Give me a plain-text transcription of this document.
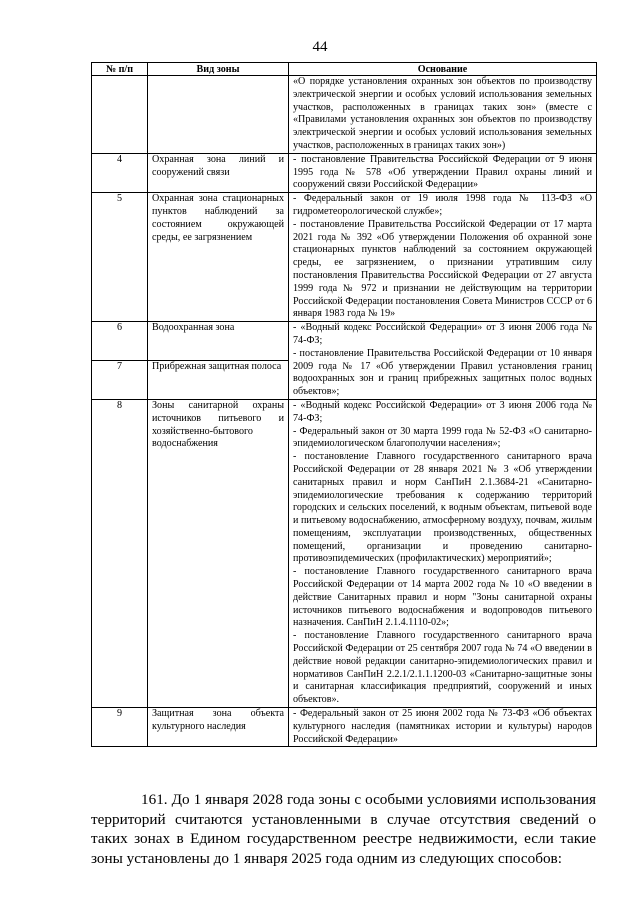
44
№ п/п	Вид зоны	Основание

		«О порядке установления охранных зон объектов по производству электрической энергии и особых условий использования земельных участков, расположенных в границах таких зон» (вместе с «Правилами установления охранных зон объектов по производству электрической энергии и особых условий использования земельных участков, расположенных в границах таких зон»)

4	Охранная зона линий и сооружений связи	- постановление Правительства Российской Федерации от 9 июня 1995 года № 578 «Об утверждении Правил охраны линий и сооружений связи Российской Федерации»

5	Охранная зона стационарных пунктов наблюдений за состоянием окружающей среды, ее загрязнением	- Федеральный закон от 19 июля 1998 года № 113-ФЗ «О гидрометеорологической службе»;
- постановление Правительства Российской Федерации от 17 марта 2021 года № 392 «Об утверждении Положения об охранной зоне стационарных пунктов наблюдений за состоянием окружающей среды, ее загрязнением, о признании утратившим силу постановления Правительства Российской Федерации от 27 августа 1999 года № 972 и признании не действующим на территории Российской Федерации постановления Совета Министров СССР от 6 января 1983 года № 19»

6	Водоохранная зона	- «Водный кодекс Российской Федерации» от 3 июня 2006 года № 74-ФЗ;
- постановление Правительства Российской Федерации от 10 января 2009 года № 17 «Об утверждении Правил установления границ водоохранных зон и границ прибрежных защитных полос водных объектов»;

7	Прибрежная защитная полоса	
8	Зоны санитарной охраны источников питьевого и хозяйственно-бытового водоснабжения	- «Водный кодекс Российской Федерации» от 3 июня 2006 года № 74-ФЗ;
- Федеральный закон от 30 марта 1999 года № 52-ФЗ «О санитарно-эпидемиологическом благополучии населения»;
- постановление Главного государственного санитарного врача Российской Федерации от 28 января 2021 № 3 «Об утверждении санитарных правил и норм СанПиН 2.1.3684-21 «Санитарно-эпидемиологические требования к содержанию территорий городских и сельских поселений, к водным объектам, питьевой воде и питьевому водоснабжению, атмосферному воздуху, почвам, жилым помещениям, эксплуатации производственных, общественных помещений, организации и проведению санитарно-противоэпидемических (профилактических) мероприятий»;
- постановление Главного государственного санитарного врача Российской Федерации от 14 марта 2002 года № 10 «О введении в действие Санитарных правил и норм "Зоны санитарной охраны источников питьевого водоснабжения и водопроводов питьевого назначения. СанПиН 2.1.4.1110-02»;
- постановление Главного государственного санитарного врача Российской Федерации от 25 сентября 2007 года № 74 «О введении в действие новой редакции санитарно-эпидемиологических правил и нормативов СанПиН 2.2.1/2.1.1.1200-03 «Санитарно-защитные зоны и санитарная классификация предприятий, сооружений и иных объектов».

9	Защитная зона объекта культурного наследия	- Федеральный закон от 25 июня 2002 года № 73-ФЗ «Об объектах культурного наследия (памятниках истории и культуры) народов Российской Федерации»

161. До 1 января 2028 года зоны с особыми условиями использования территорий считаются установленными в случае отсутствия сведений о таких зонах в Едином государственном реестре недвижимости, если такие зоны установлены до 1 января 2025 года одним из следующих способов:
